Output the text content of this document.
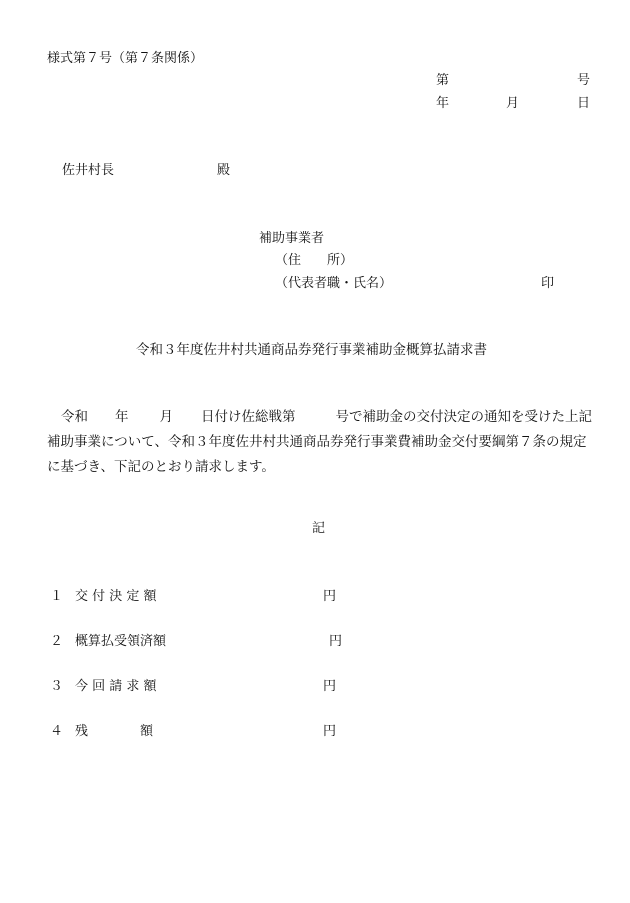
様式第７号（第７条関係）
第	号
年	月	日
佐井村長	殿
補助事業者
（住　　所）
（代表者職・氏名）	印
令和３年度佐井村共通商品券発行事業補助金概算払請求書
令和 年 月 日付け佐総戦第	号で補助金の交付決定の通知を受けた上記補助事業について、令和３年度佐井村共通商品券発行事業費補助金交付要綱第７条の規定に基づき、下記のとおり請求します。
記
１ 交 付 決 定 額	円
２ 概算払受領済額	円
３ 今 回 請 求 額	円
４ 残　　　　額	円
